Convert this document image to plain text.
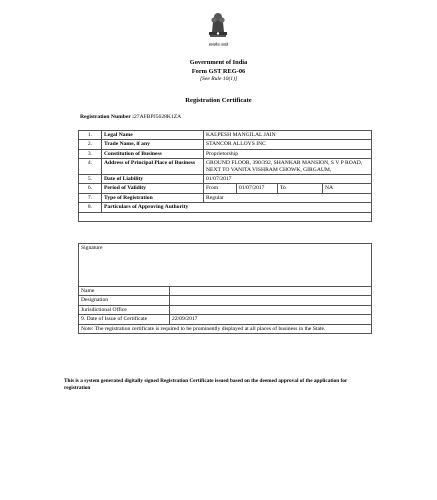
सत्यमेव जयते
Government of India
Form GST REG-06
[See Rule 10(1)]
Registration Certificate
Registration Number :27AFBPJ5628K1ZA
1.	Legal Name	KALPESH MANGILAL JAIN			
2.	Trade Name, if any	STANCOR ALLOYS INC			
3.	Constitution of Business	Proprietorship			
4.	Address of Principal Place of Business	GROUND FLOOR, 390/392, SHANKAR MANSION, S V P ROAD, NEXT TO VANITA VISHRAM CHOWK, GIRGAUM,			
5.	Date of Liability	01/07/2017			
6.	Period of Validity	From	01/07/2017	To	NA
7.	Type of Registration	Regular			
8.	Particulars of Approving Authority				

Signature	
Name	
Designation	
Jurisdictional Office	
9. Date of Issue of Certificate	22/09/2017
Note: The registration certificate is required to be prominently displayed at all places of business in the State.	
This is a system generated digitally signed Registration Certificate issued based on the deemed approval of the application for registration
